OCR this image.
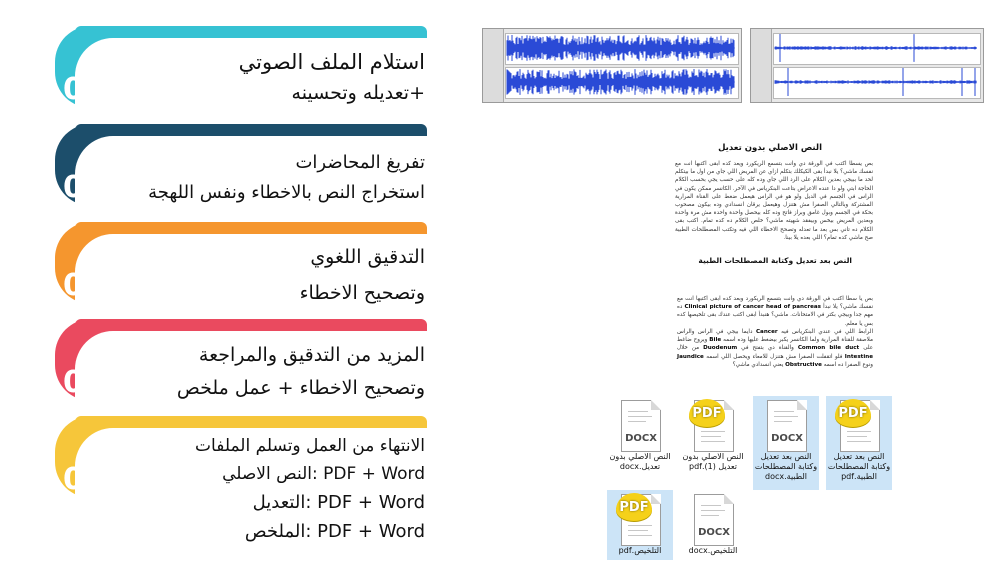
01
استلام الملف الصوتي
+تعديله وتحسينه
02
تفريغ المحاضرات
استخراج النص بالاخطاء ونفس اللهجة
03
التدقيق اللغوي
وتصحيح الاخطاء
04
المزيد من التدقيق والمراجعة
وتصحيح الاخطاء + عمل ملخص
05
الانتهاء من العمل وتسلم الملفات
PDF + Word :النص الاصلي
PDF + Word :التعديل
PDF + Word :الملخص
النص الاصلي بدون تعديل
بص يسطا اكتب في الورقة دي وانت بتسمع الريكورد ويعد كده ابقى اكتبها انت مع نفسك ماشي؟ يلا نبدأ بقى الكيكلك بتكلم ازاي عن المريض اللي جاي من اول ما بيتكلم لحد ما ببيجي بعدين الكلام على الرد اللي جاي وده كله على حسب يجي بحسب الكلام الحاجة ابتي ولو دا عنده الاعراض بتاعت البنكرياس في الآخر. الكانسر ممكن يكون في الراس في الجسم في الديل ولو هو في الراس هيعمل ضغط على القناة المرارية المشتركة وبالتالي الصفرا مش هتنزل وهيعمل يرقان انسدادي وده بيكون مصحوب بحكة في الجسم وبول غامق وبراز فاتح وده كله بيحصل واحدة واحدة مش مرة واحدة وبعدين المريض بيخس وبيفقد شهيته ماشي؟ خلص الكلام ده كده تمام. اكتب بقى الكلام ده تاني بس بعد ما تعدله وتصحح الاخطاء اللي فيه وتكتب المصطلحات الطبية صح ماشي كده تمام؟ اللي بعده يلا بينا.
النص بعد تعديل وكتابة المصطلحات الطبية
بص يا سطا اكتب في الورقة دي وانت بتسمع الريكورد وبعد كده ابقى اكتبها انت مع نفسك ماشي؟ يلا نبدأ Clinical picture of cancer head of pancreas ده مهم جدا وبيجي بكتر في الامتحانات. ماشي؟ هنبدأ ابقى اكتب عندك بقى تلخيصها كده بس يا معلم.
الرابط اللي في عندي البنكرياس فيه Cancer دايما بيجي في الراس والراس ملاصقة للقناة المرارية ولما الكانسر يكبر بيضغط عليها وده اسمه Bile ويروح ضاغط على Common bile duct والقناة دي بتفتح في Duodenum من خلال Intestine فلو اتقفلت الصفرا مش هتنزل للامعاء ويحصل اللي اسمه Jaundice ونوع الصفرا ده اسمه Obstructive يعني انسدادي ماشي؟
DOCX
النص الاصلي بدون تعديل.docx
PDF
النص الاصلي بدون تعديل (1).pdf
DOCX
النص بعد تعديل وكتابة المصطلحات الطبية.docx
PDF
النص بعد تعديل وكتابة المصطلحات الطبية.pdf
PDF
التلخيص.pdf
DOCX
التلخيص.docx
